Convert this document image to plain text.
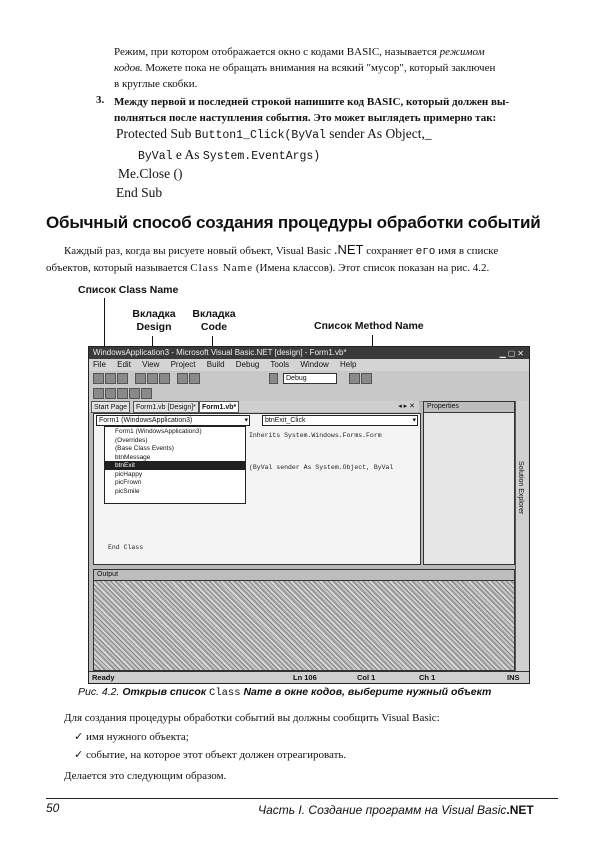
Режим, при котором отображается окно с кодами BASIC, называется режимом
кодов. Можете пока не обращать внимания на всякий "мусор", который заключен
в круглые скобки.
3. Между первой и последней строкой напишите код BASIC, который должен вы-
полняться после наступления события. Это может выглядеть примерно так:
Protected Sub Button1_Click(ByVal sender As Object,_
ByVal e As System.EventArgs)
Me.Close ()
End Sub
Обычный способ создания процедуры обработки событий
Каждый раз, когда вы рисуете новый объект, Visual Basic .NET сохраняет его имя в списке
объектов, который называется Class Name (Имена классов). Этот список показан на рис. 4.2.
Список Class Name
Вкладка
Design
Вкладка
Code	Список Method Name
WindowsApplication3 - Microsoft Visual Basic.NET [design] - Form1.vb*	▁▢✕
File Edit View Project Build Debug Tools Window Help
Debug
Start Page	Form1.vb [Design]* Form1.vb*	◂ ▸ ✕
Form1 (WindowsApplication3)	▾	btnExit_Click	▾
Inherits System.Windows.Forms.Form
(ByVal sender As System.Object, ByVal
End Class
Form1 (WindowsApplication3)
(Overrides)
(Base Class Events)
btnMessage
btnExit
picHappy
picFrown
picSmile
Properties
Solution Explorer
Output
Ready	Ln 106	Col 1	Ch 1	INS
Рис. 4.2. Открыв список Class Name в окне кодов, выберите нужный объект
Для создания процедуры обработки событий вы должны сообщить Visual Basic:
✓ имя нужного объекта;
✓ событие, на которое этот объект должен отреагировать.
Делается это следующим образом.
50	Часть I. Создание программ на Visual Basic.NET
